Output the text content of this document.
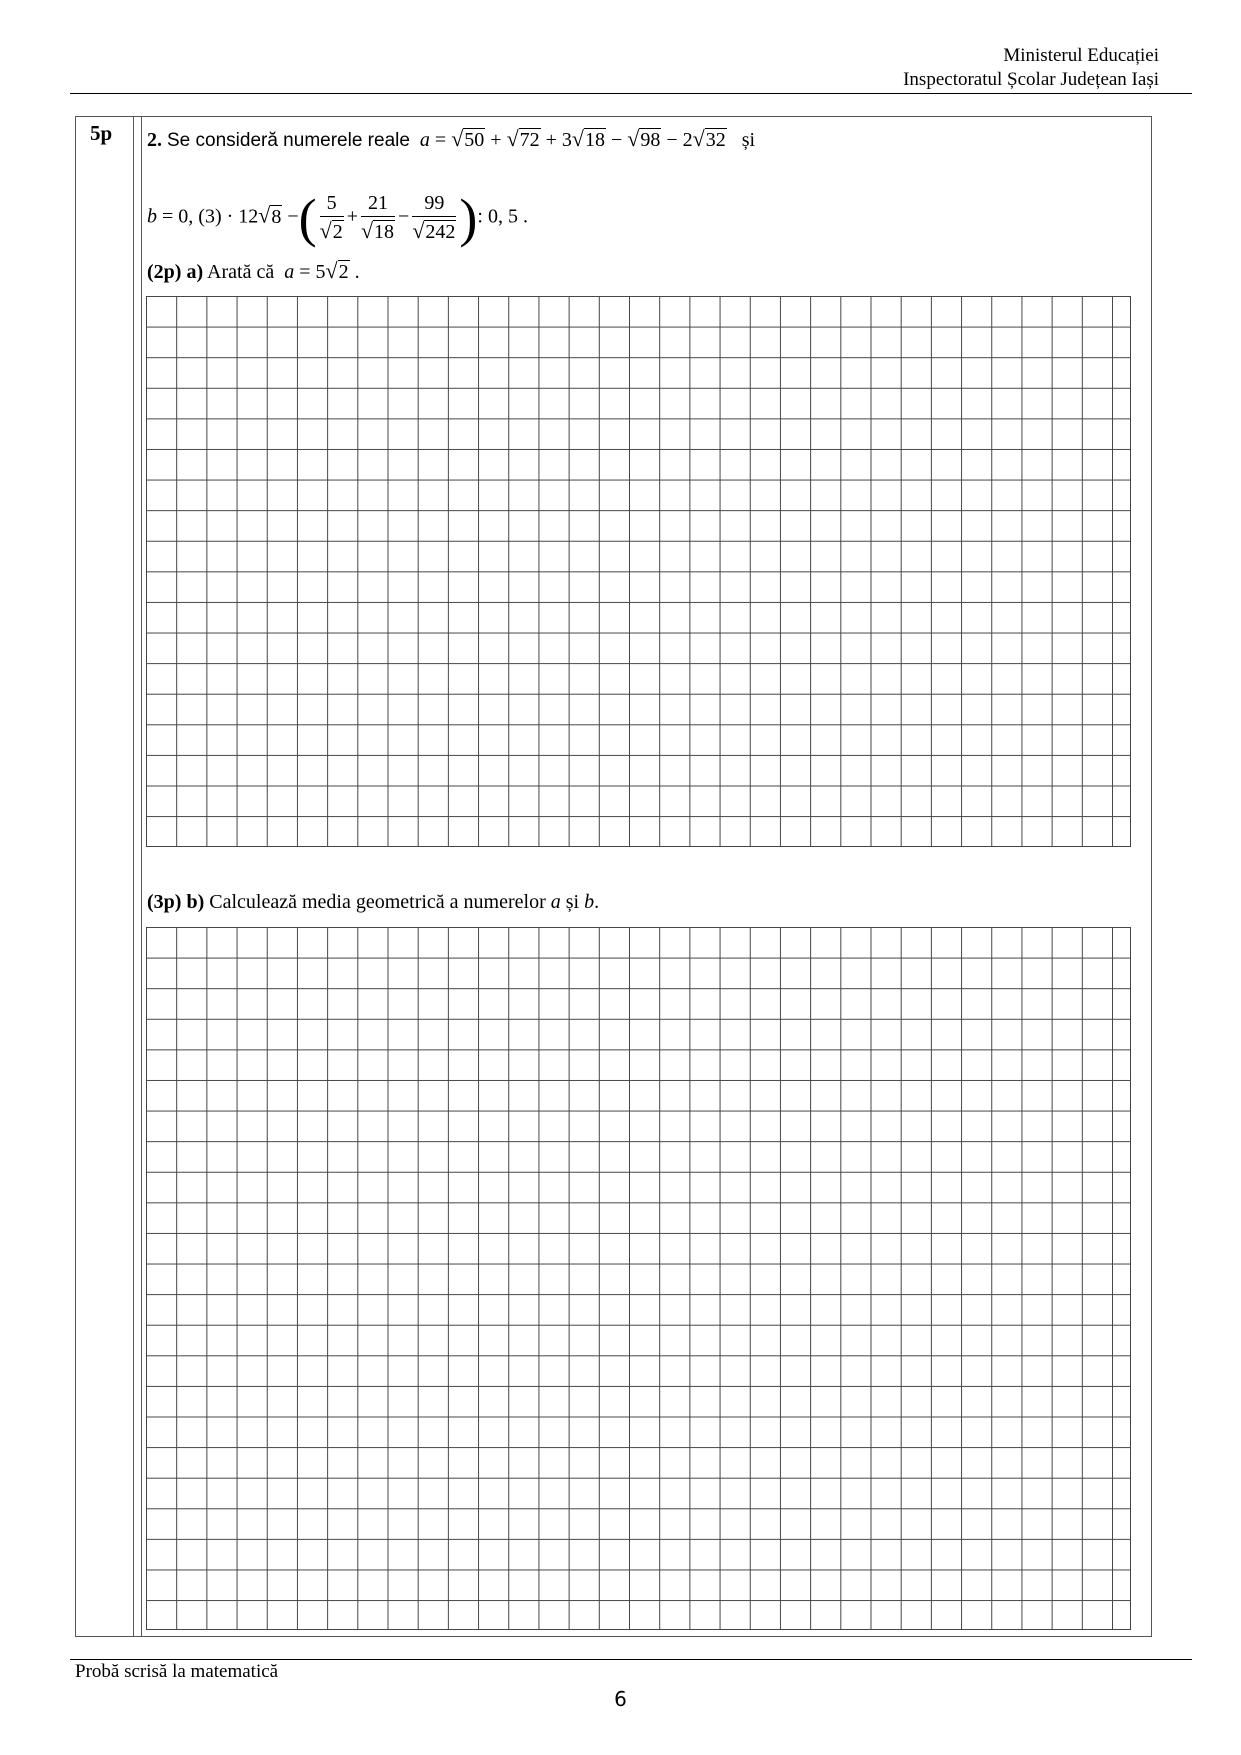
Ministerul Educației
Inspectoratul Școlar Județean Iași
5p 2. Se consideră numerele reale a = √50 + √72 + 3√18 − √98 − 2√32 și
b = 0, (3) · 12√8 −( $\frac{5}{√2} + \frac{21}{√18} - \frac{99}{√242}$ ): 0, 5 .
(2p) a) Arată că a = 5√2 .
(3p) b) Calculează media geometrică a numerelor a și b.
Probă scrisă la matematică
6
